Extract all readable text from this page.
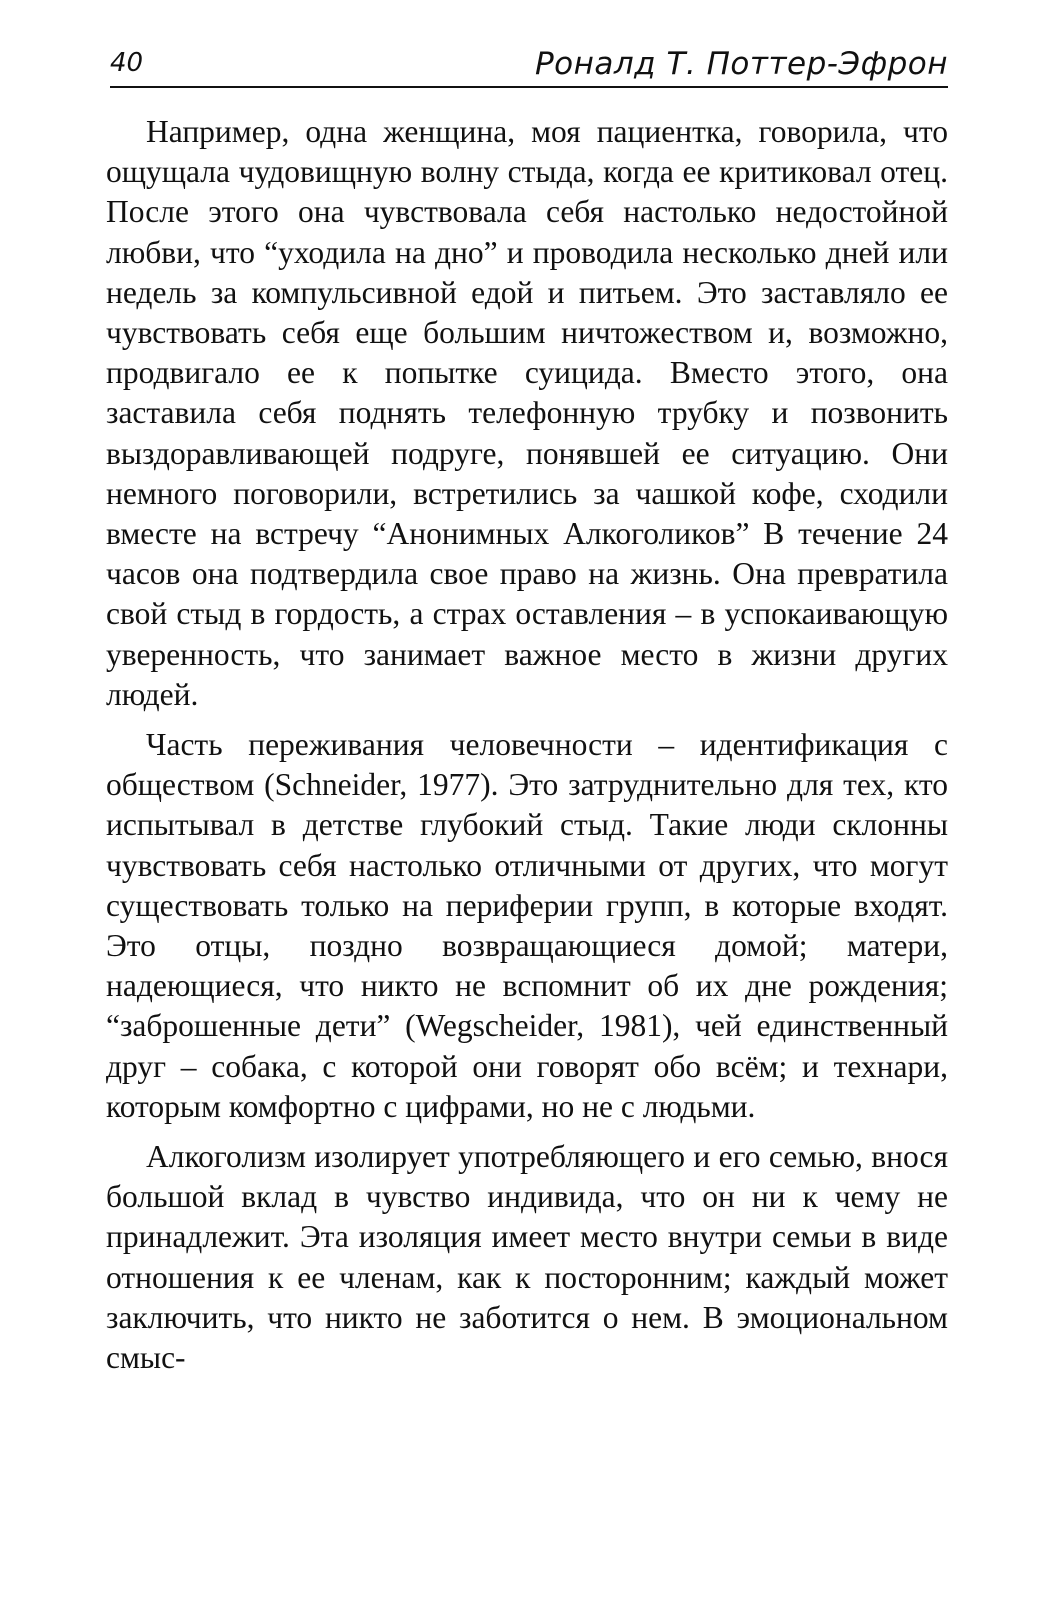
40	Роналд Т. Поттер-Эфрон

Например, одна женщина, моя пациентка, говорила, что ощущала чудовищную волну стыда, когда ее критиковал отец. После этого она чувствовала себя настолько недостойной любви, что “уходила на дно” и проводила несколько дней или недель за компульсивной едой и питьем. Это заставляло ее чувствовать себя еще большим ничтожеством и, возможно, продвигало ее к попытке суицида. Вместо этого, она заставила себя поднять телефонную трубку и позвонить выздоравливающей подруге, понявшей ее ситуацию. Они немного поговорили, встретились за чашкой кофе, сходили вместе на встречу “Анонимных Алкоголиков” В течение 24 часов она подтвердила свое право на жизнь. Она превратила свой стыд в гордость, а страх оставления – в успокаивающую уверенность, что занимает важное место в жизни других людей.

Часть переживания человечности – идентификация с обществом (Schneider, 1977). Это затруднительно для тех, кто испытывал в детстве глубокий стыд. Такие люди склонны чувствовать себя настолько отличными от других, что могут существовать только на периферии групп, в которые входят. Это отцы, поздно возвращающиеся домой; матери, надеющиеся, что никто не вспомнит об их дне рождения; “заброшенные дети” (Wegscheider, 1981), чей единственный друг – собака, с которой они говорят обо всём; и технари, которым комфортно с цифрами, но не с людьми.

Алкоголизм изолирует употребляющего и его семью, внося большой вклад в чувство индивида, что он ни к чему не принадлежит. Эта изоляция имеет место внутри семьи в виде отношения к ее членам, как к посторонним; каждый может заключить, что никто не заботится о нем. В эмоциональном смыс-
